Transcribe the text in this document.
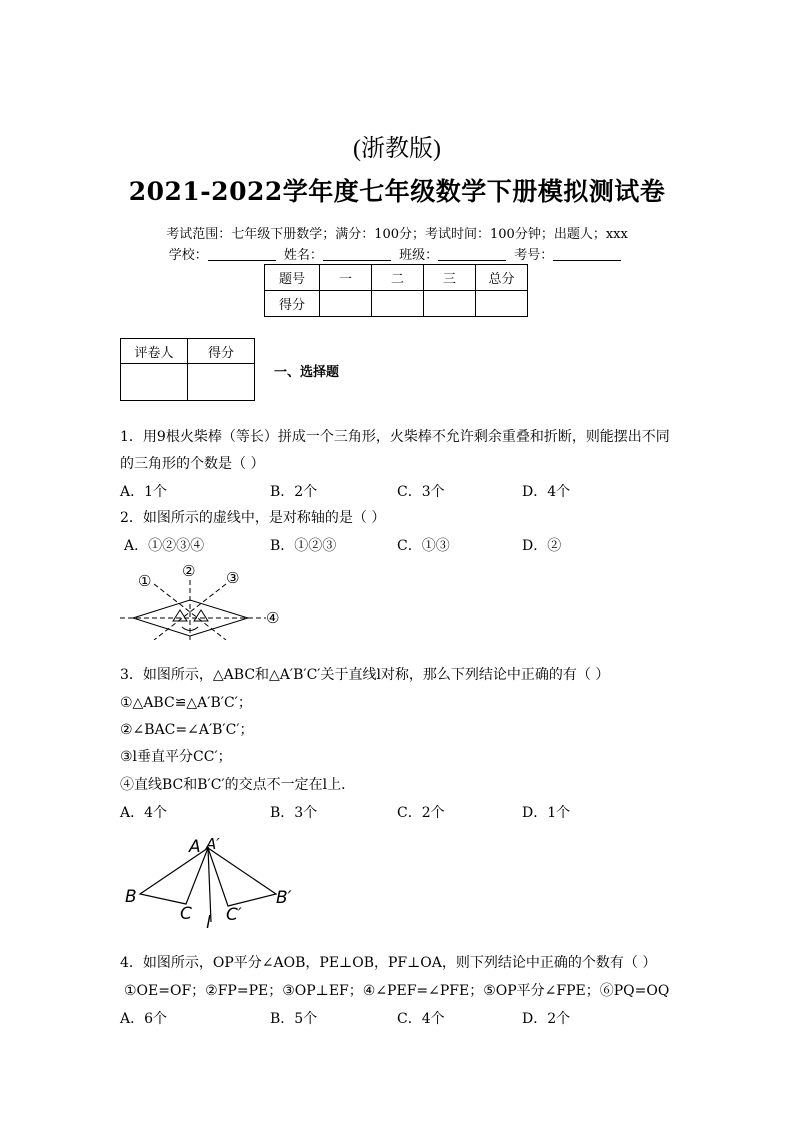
(浙教版)
2021-2022学年度七年级数学下册模拟测试卷
考试范围：七年级下册数学；满分：100分；考试时间：100分钟；出题人；xxx
学校：	姓名：	班级：	考号：
题号	一	二	三	总分
得分				
评卷人	得分

一、选择题
1．用9根火柴棒（等长）拼成一个三角形，火柴棒不允许剩余重叠和折断，则能摆出不同
的三角形的个数是（ ）
A．1个	B．2个	C．3个	D．4个
2．如图所示的虚线中，是对称轴的是（ ）
A．①②③④	B．①②③	C．①③	D．②
①
② ③
④
3．如图所示，△ABC和△A′B′C′关于直线l对称，那么下列结论中正确的有（ ）
①△ABC≌△A′B′C′；
②∠BAC=∠A′B′C′；
③l垂直平分CC′；
④直线BC和B′C′的交点不一定在l上．
A．4个	B．3个	C．2个	D．1个
A A′
B
C l C′
B′
4．如图所示，OP平分∠AOB，PE⊥OB，PF⊥OA，则下列结论中正确的个数有（ ）
①OE=OF；②FP=PE；③OP⊥EF；④∠PEF=∠PFE；⑤OP平分∠FPE；⑥PQ=OQ
A．6个	B．5个	C．4个	D．2个
